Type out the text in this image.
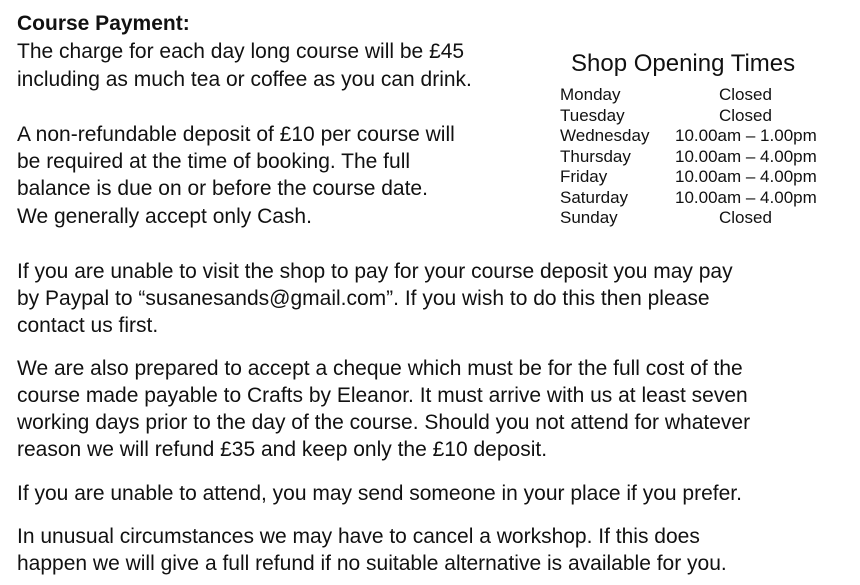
Course Payment:
The charge for each day long course will be £45
including as much tea or coffee as you can drink.
A non-refundable deposit of £10 per course will
be required at the time of booking. The full
balance is due on or before the course date.
We generally accept only Cash.
Shop Opening Times
Monday	Closed
Tuesday	Closed
Wednesday 10.00am – 1.00pm
Thursday	10.00am – 4.00pm
Friday	10.00am – 4.00pm
Saturday	10.00am – 4.00pm
Sunday	Closed
If you are unable to visit the shop to pay for your course deposit you may pay
by Paypal to “susanesands@gmail.com”. If you wish to do this then please
contact us first.
We are also prepared to accept a cheque which must be for the full cost of the
course made payable to Crafts by Eleanor. It must arrive with us at least seven
working days prior to the day of the course. Should you not attend for whatever
reason we will refund £35 and keep only the £10 deposit.
If you are unable to attend, you may send someone in your place if you prefer.
In unusual circumstances we may have to cancel a workshop. If this does
happen we will give a full refund if no suitable alternative is available for you.
